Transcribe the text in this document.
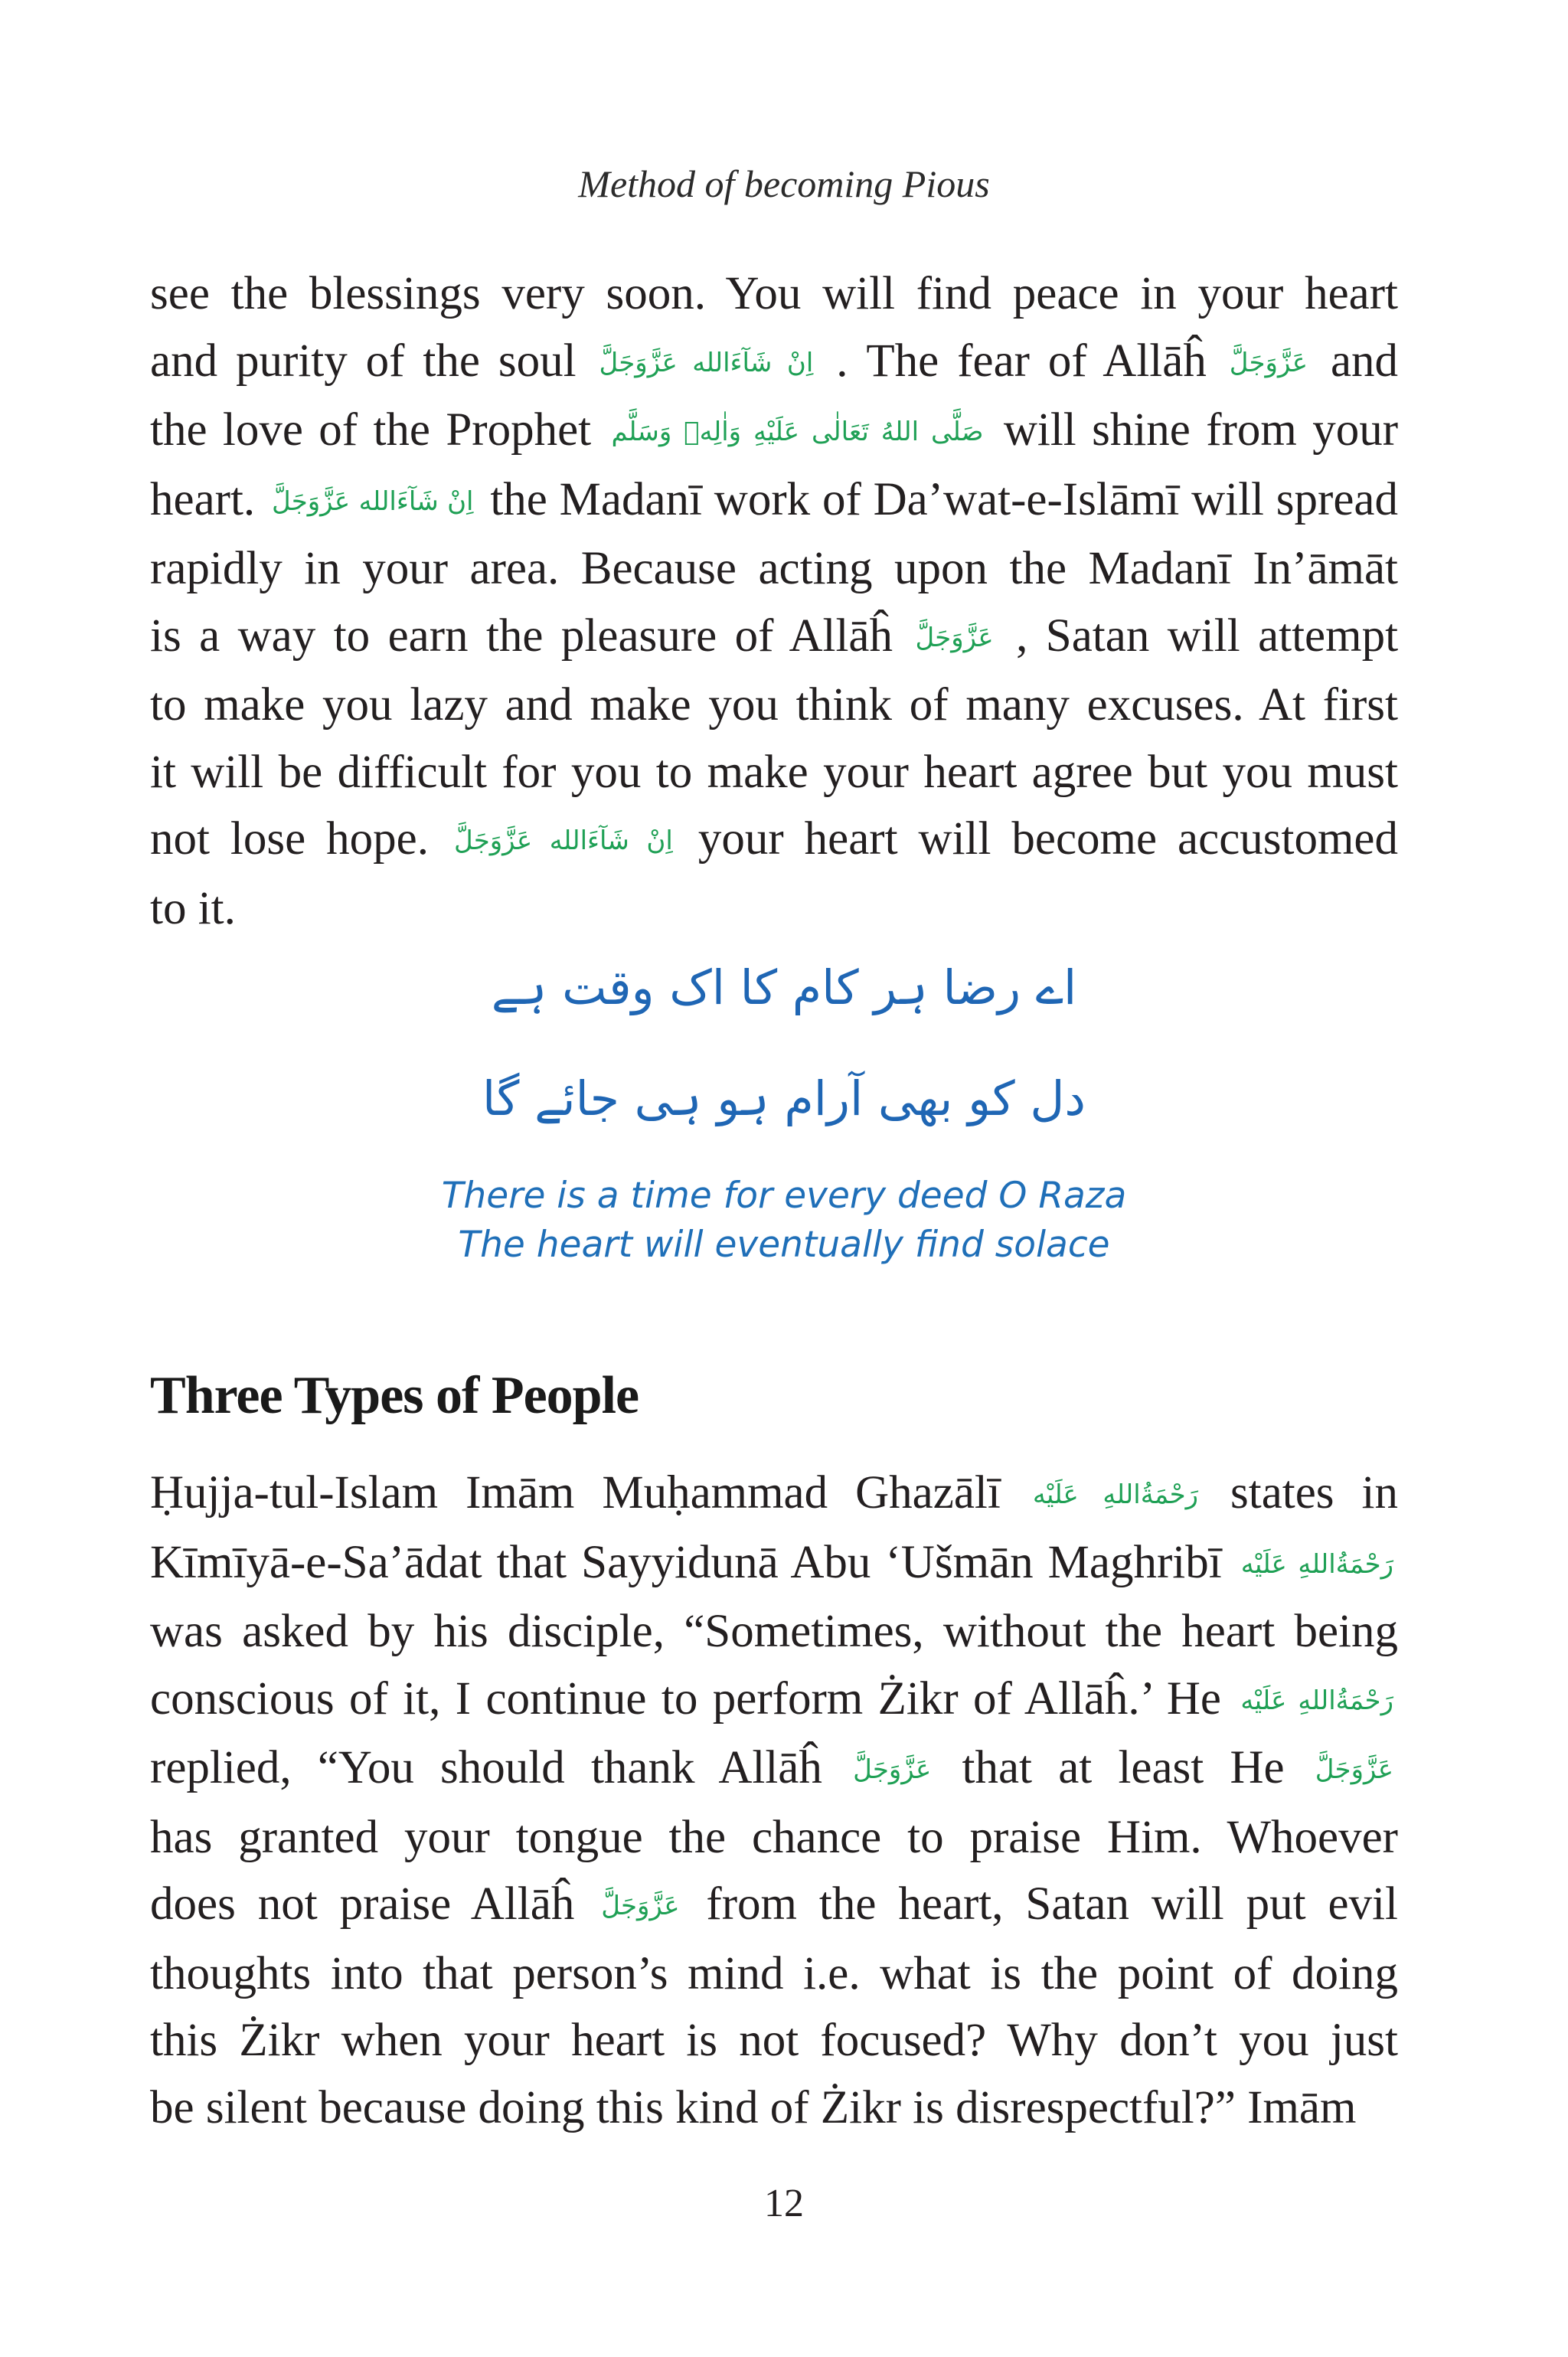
Method of becoming Pious
see the blessings very soon. You will find peace in your heart
and purity of the soul اِنْ شَآءَالله عَزَّوَجَلَّ . The fear of Allāĥ عَزَّوَجَلَّ and
the love of the Prophet صَلَّى اللهُ تَعَالٰى عَلَيْهِ وَاٰلِهٖ وَسَلَّم will shine from your
heart. اِنْ شَآءَالله عَزَّوَجَلَّ the Madanī work of Da’wat-e-Islāmī will spread
rapidly in your area. Because acting upon the Madanī In’āmāt
is a way to earn the pleasure of Allāĥ عَزَّوَجَلَّ , Satan will attempt
to make you lazy and make you think of many excuses. At first
it will be difficult for you to make your heart agree but you must
not lose hope. اِنْ شَآءَالله عَزَّوَجَلَّ your heart will become accustomed
to it.
اے رضا ہر کام کا اک وقت ہے
دل کو بھی آرام ہو ہی جائے گا
There is a time for every deed O Raza
The heart will eventually find solace
Three Types of People
Ḥujja-tul-Islam Imām Muḥammad Ghazālī رَحْمَةُاللهِ عَلَيْه states in
Kīmīyā-e-Sa’ādat that Sayyidunā Abu ‘Ušmān Maghribī رَحْمَةُاللهِ عَلَيْه
was asked by his disciple, “Sometimes, without the heart being
conscious of it, I continue to perform Żikr of Allāĥ.’ He رَحْمَةُاللهِ عَلَيْه
replied, “You should thank Allāĥ عَزَّوَجَلَّ that at least He عَزَّوَجَلَّ
has granted your tongue the chance to praise Him. Whoever
does not praise Allāĥ عَزَّوَجَلَّ from the heart, Satan will put evil
thoughts into that person’s mind i.e. what is the point of doing
this Żikr when your heart is not focused? Why don’t you just
be silent because doing this kind of Żikr is disrespectful?” Imām
12
